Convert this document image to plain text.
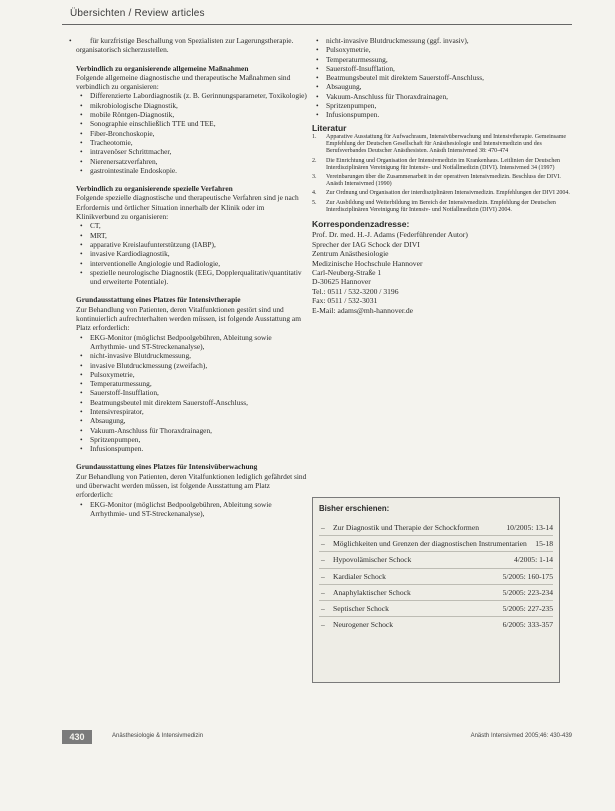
Übersichten / Review articles
• für kurzfristige Beschallung von Spezialisten zur Lagerungstherapie.

organisatorisch sicherzustellen.

Verbindlich zu organisierende allgemeine Maßnahmen

Folgende allgemeine diagnostische und therapeutische Maßnahmen sind verbindlich zu organisieren:

• Differenzierte Labordiagnostik (z. B. Gerinnungsparameter, Toxikologie)
• mikrobiologische Diagnostik,
• mobile Röntgen-Diagnostik,
• Sonographie einschließlich TTE und TEE,
• Fiber-Bronchoskopie,
• Tracheotomie,
• intravenöser Schrittmacher,
• Nierenersatzverfahren,
• gastrointestinale Endoskopie.

Verbindlich zu organisierende spezielle Verfahren

Folgende spezielle diagnostische und therapeutische Verfahren sind je nach Erfordernis und örtlicher Situation innerhalb der Klinik oder im Klinikverbund zu organisieren:

• CT,
• MRT,
• apparative Kreislaufunterstützung (IABP),
• invasive Kardiodiagnostik,
• interventionelle Angiologie und Radiologie,
• spezielle neurologische Diagnostik (EEG, Dopplerqualitativ/quantitativ und erweiterte Potentiale).

Grundausstattung eines Platzes für Intensivtherapie

Zur Behandlung von Patienten, deren Vitalfunktionen gestört sind und kontinuierlich aufrechterhalten werden müssen, ist folgende Ausstattung am Platz erforderlich:

• EKG-Monitor (möglichst Bedpoolgebühren, Ableitung sowie Arrhythmie- und ST-Streckenanalyse),
• nicht-invasive Blutdruckmessung,
• invasive Blutdruckmessung (zweifach),
• Pulsoxymetrie,
• Temperaturmessung,
• Sauerstoff-Insufflation,
• Beatmungsbeutel mit direktem Sauerstoff-Anschluss,
• Intensivrespirator,
• Absaugung,
• Vakuum-Anschluss für Thoraxdrainagen,
• Spritzenpumpen,
• Infusionspumpen.

Grundausstattung eines Platzes für Intensivüberwachung

Zur Behandlung von Patienten, deren Vitalfunktionen lediglich gefährdet sind und überwacht werden müssen, ist folgende Ausstattung am Platz erforderlich:

• EKG-Monitor (möglichst Bedpoolgebühren, Ableitung sowie Arrhythmie- und ST-Streckenanalyse),
• nicht-invasive Blutdruckmessung (ggf. invasiv),
• Pulsoxymetrie,
• Temperaturmessung,
• Sauerstoff-Insufflation,
• Beatmungsbeutel mit direktem Sauerstoff-Anschluss,
• Absaugung,
• Vakuum-Anschluss für Thoraxdrainagen,
• Spritzenpumpen,
• Infusionspumpen.
Literatur
1. Apparative Ausstattung für Aufwachraum, Intensivüberwachung und Intensivtherapie. Gemeinsame Empfehlung der Deutschen Gesellschaft für Anästhesiologie und Intensivmedizin und des Berufsverbandes Deutscher Anästhesisten. Anästh Intensivmed 38: 470-474
2. Die Einrichtung und Organisation der Intensivmedizin im Krankenhaus. Leitlinien der Deutschen Interdisziplinären Vereinigung für Intensiv- und Notfallmedizin (DIVI). Intensivmed 34 (1997)
3. Vereinbarungen über die Zusammenarbeit in der operativen Intensivmedizin. Beschluss der DIVI. Anästh Intensivmed (1990)
4. Zur Ordnung und Organisation der interdisziplinären Intensivmedizin. Empfehlungen der DIVI 2004.
5. Zur Ausbildung und Weiterbildung im Bereich der Intensivmedizin. Empfehlung der Deutschen Interdisziplinären Vereinigung für Intensiv- und Notfallmedizin (DIVI) 2004.
Korrespondenzadresse:
Prof. Dr. med. H.-J. Adams (Federführender Autor)
Sprecher der IAG Schock der DIVI
Zentrum Anästhesiologie
Medizinische Hochschule Hannover
Carl-Neuberg-Straße 1
D-30625 Hannover
Tel.: 0511 / 532-3200 / 3196
Fax: 0511 / 532-3031
E-Mail: adams@mh-hannover.de
Bisher erschienen:
– Zur Diagnostik und Therapie der Schockformen	10/2005: 13-14
– Möglichkeiten und Grenzen der diagnostischen Instrumentarien 15-18
– Hypovolämischer Schock	4/2005: 1-14
– Kardialer Schock	5/2005: 160-175
– Anaphylaktischer Schock	5/2005: 223-234
– Septischer Schock	5/2005: 227-235
– Neurogener Schock	6/2005: 333-357
430	Anästhesiologie & Intensivmedizin	Anästh Intensivmed 2005;46: 430-439
